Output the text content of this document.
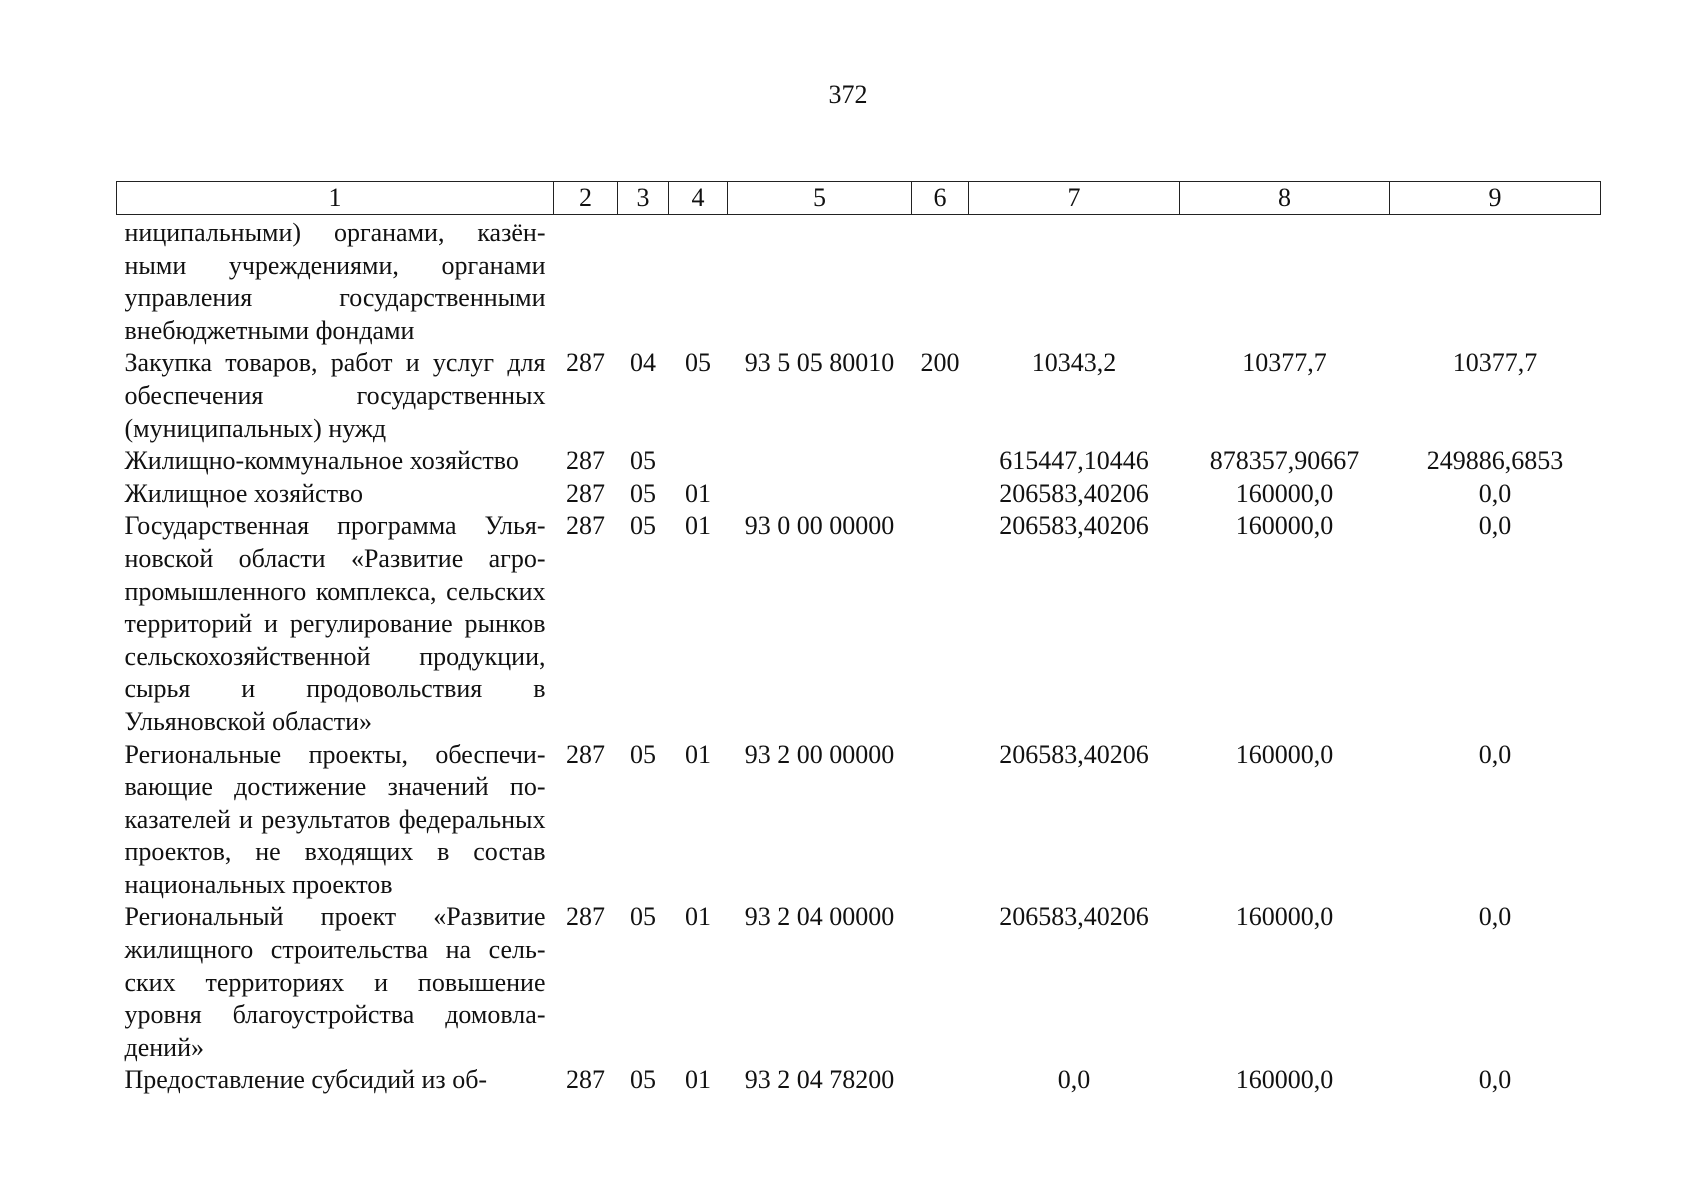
372
1	2	3	4	5	6	7	8	9
ниципальными) органами, казёнными учреждениями, органами управления государственными внебюджетными фондами								
Закупка товаров, работ и услуг для обеспечения государственных (муниципальных) нужд	287	04	05	93 5 05 80010	200	10343,2	10377,7	10377,7
Жилищно-коммунальное хозяйство	287	05				615447,10446	878357,90667	249886,6853
Жилищное хозяйство	287	05	01			206583,40206	160000,0	0,0
Государственная программа Ульяновской области «Развитие агропромышленного комплекса, сельских территорий и регулирование рынков сельскохозяйственной продукции, сырья и продовольствия в Ульяновской области»	287	05	01	93 0 00 00000		206583,40206	160000,0	0,0
Региональные проекты, обеспечивающие достижение значений показателей и результатов федеральных проектов, не входящих в состав национальных проектов	287	05	01	93 2 00 00000		206583,40206	160000,0	0,0
Региональный проект «Развитие жилищного строительства на сельских территориях и повышение уровня благоустройства домовладений»	287	05	01	93 2 04 00000		206583,40206	160000,0	0,0
Предоставление субсидий из об-	287	05	01	93 2 04 78200		0,0	160000,0	0,0
